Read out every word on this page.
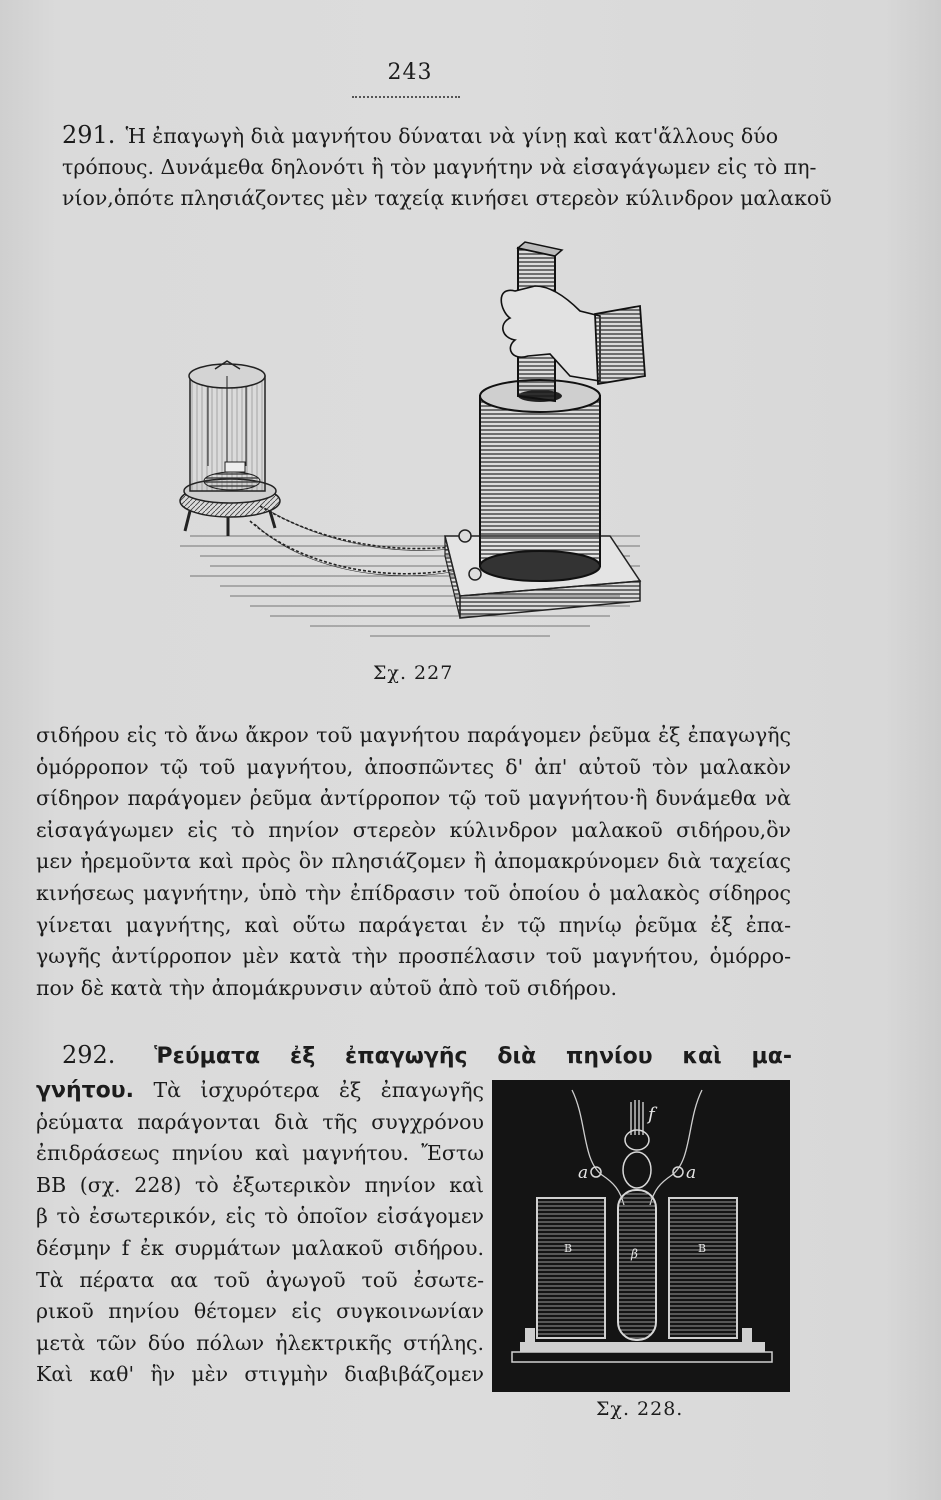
243
291. Ἡ ἐπαγωγὴ διὰ μαγνήτου δύναται νὰ γίνῃ καὶ κατ'ἄλλους δύο
τρόπους. Δυνάμεθα δηλονότι ἢ τὸν μαγνήτην νὰ εἰσαγάγωμεν εἰς τὸ πη-
νίον,ὁπότε πλησιάζοντες μὲν ταχείᾳ κινήσει στερεὸν κύλινδρον μαλακοῦ
Σχ. 227
σιδήρου εἰς τὸ ἄνω ἄκρον τοῦ μαγνήτου παράγομεν ῥεῦμα ἐξ ἐπαγωγῆς
ὁμόρροπον τῷ τοῦ μαγνήτου, ἀποσπῶντες δ' ἀπ' αὐτοῦ τὸν μαλακὸν
σίδηρον παράγομεν ῥεῦμα ἀντίρροπον τῷ τοῦ μαγνήτου·ἢ δυνάμεθα νὰ
εἰσαγάγωμεν εἰς τὸ πηνίον στερεὸν κύλινδρον μαλακοῦ σιδήρου,ὃν
μεν ἠρεμοῦντα καὶ πρὸς ὃν πλησιάζομεν ἢ ἀπομακρύνομεν διὰ ταχείας
κινήσεως μαγνήτην, ὑπὸ τὴν ἐπίδρασιν τοῦ ὁποίου ὁ μαλακὸς σίδηρος
γίνεται μαγνήτης, καὶ οὕτω παράγεται ἐν τῷ πηνίῳ ῥεῦμα ἐξ ἐπα-
γωγῆς ἀντίρροπον μὲν κατὰ τὴν προσπέλασιν τοῦ μαγνήτου, ὁμόρρο-
πον δὲ κατὰ τὴν ἀπομάκρυνσιν αὐτοῦ ἀπὸ τοῦ σιδήρου.
292. Ῥεύματα ἐξ ἐπαγωγῆς διὰ πηνίου καὶ μα-
γνήτου. Τὰ ἰσχυρότερα ἐξ ἐπαγωγῆς
ῥεύματα παράγονται διὰ τῆς συγχρόνου
ἐπιδράσεως πηνίου καὶ μαγνήτου. Ἔστω
ΒΒ (σχ. 228) τὸ ἐξωτερικὸν πηνίον καὶ
β τὸ ἐσωτερικόν, εἰς τὸ ὁποῖον εἰσάγομεν
δέσμην f ἐκ συρμάτων μαλακοῦ σιδήρου.
Τὰ πέρατα αα τοῦ ἀγωγοῦ τοῦ ἐσωτε-
ρικοῦ πηνίου θέτομεν εἰς συγκοινωνίαν
μετὰ τῶν δύο πόλων ἠλεκτρικῆς στήλης.
Καὶ καθ' ἣν μὲν στιγμὴν διαβιβάζομεν
f
a	a
B	B
β
Σχ. 228.
